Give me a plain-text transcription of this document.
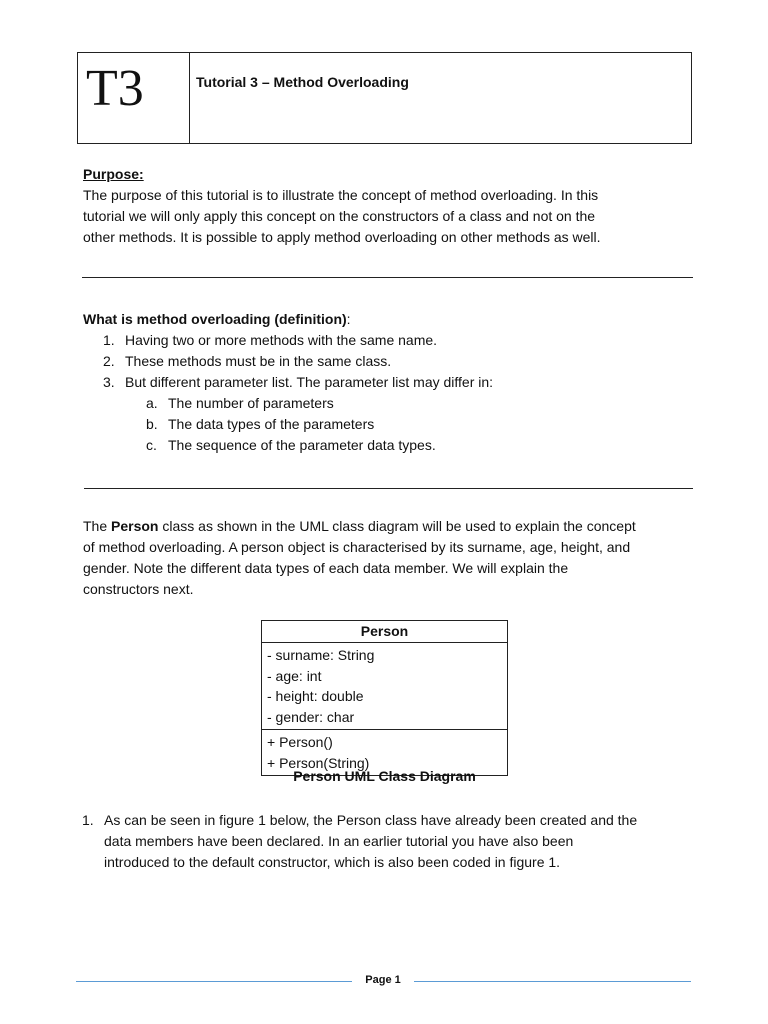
T3	Tutorial 3 – Method Overloading
Purpose:
The purpose of this tutorial is to illustrate the concept of method overloading. In this
tutorial we will only apply this concept on the constructors of a class and not on the
other methods. It is possible to apply method overloading on other methods as well.
What is method overloading (definition):
1. Having two or more methods with the same name.
2. These methods must be in the same class.
3. But different parameter list. The parameter list may differ in:
a. The number of parameters
b. The data types of the parameters
c. The sequence of the parameter data types.
The Person class as shown in the UML class diagram will be used to explain the concept
of method overloading. A person object is characterised by its surname, age, height, and
gender. Note the different data types of each data member. We will explain the
constructors next.
Person
- surname: String
- age: int
- height: double
- gender: char
+ Person()
+ Person(String)
Person UML Class Diagram
1. As can be seen in figure 1 below, the Person class have already been created and the
data members have been declared. In an earlier tutorial you have also been
introduced to the default constructor, which is also been coded in figure 1.
Page 1
